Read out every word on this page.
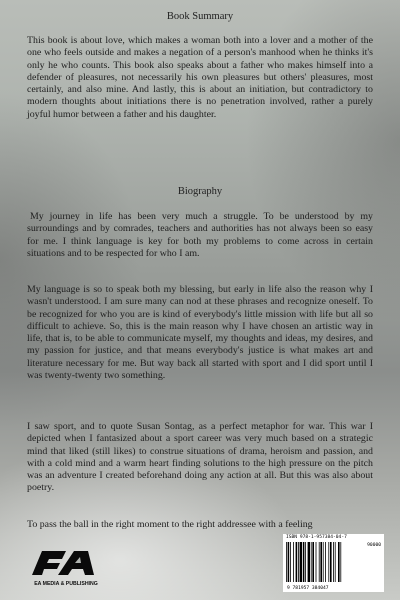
Book Summary

This book is about love, which makes a woman both into a lover and a mother of the one who feels outside and makes a negation of a person's manhood when he thinks it's only he who counts. This book also speaks about a father who makes himself into a defender of pleasures, not necessarily his own pleasures but others' pleasures, most certainly, and also mine. And lastly, this is about an initiation, but contradictory to modern thoughts about initiations there is no penetration involved, rather a purely joyful humor between a father and his daughter.

Biography

My journey in life has been very much a struggle. To be understood by my surroundings and by comrades, teachers and authorities has not always been so easy for me. I think language is key for both my problems to come across in certain situations and to be respected for who I am.

My language is so to speak both my blessing, but early in life also the reason why I wasn't understood. I am sure many can nod at these phrases and recognize oneself. To be recognized for who you are is kind of everybody's little mission with life but all so difficult to achieve. So, this is the main reason why I have chosen an artistic way in life, that is, to be able to communicate myself, my thoughts and ideas, my desires, and my passion for justice, and that means everybody's justice is what makes art and literature necessary for me. But way back all started with sport and I did sport until I was twenty-twenty two something.

I saw sport, and to quote Susan Sontag, as a perfect metaphor for war. This war I depicted when I fantasized about a sport career was very much based on a strategic mind that liked (still likes) to construe situations of drama, heroism and passion, and with a cold mind and a warm heart finding solutions to the high pressure on the pitch was an adventure I created beforehand doing any action at all. But this was also about poetry.

To pass the ball in the right moment to the right addressee with a feeling

EA MEDIA & PUBLISHING
ISBN 978-1-957384-04-7
90000
9 781957 384047
